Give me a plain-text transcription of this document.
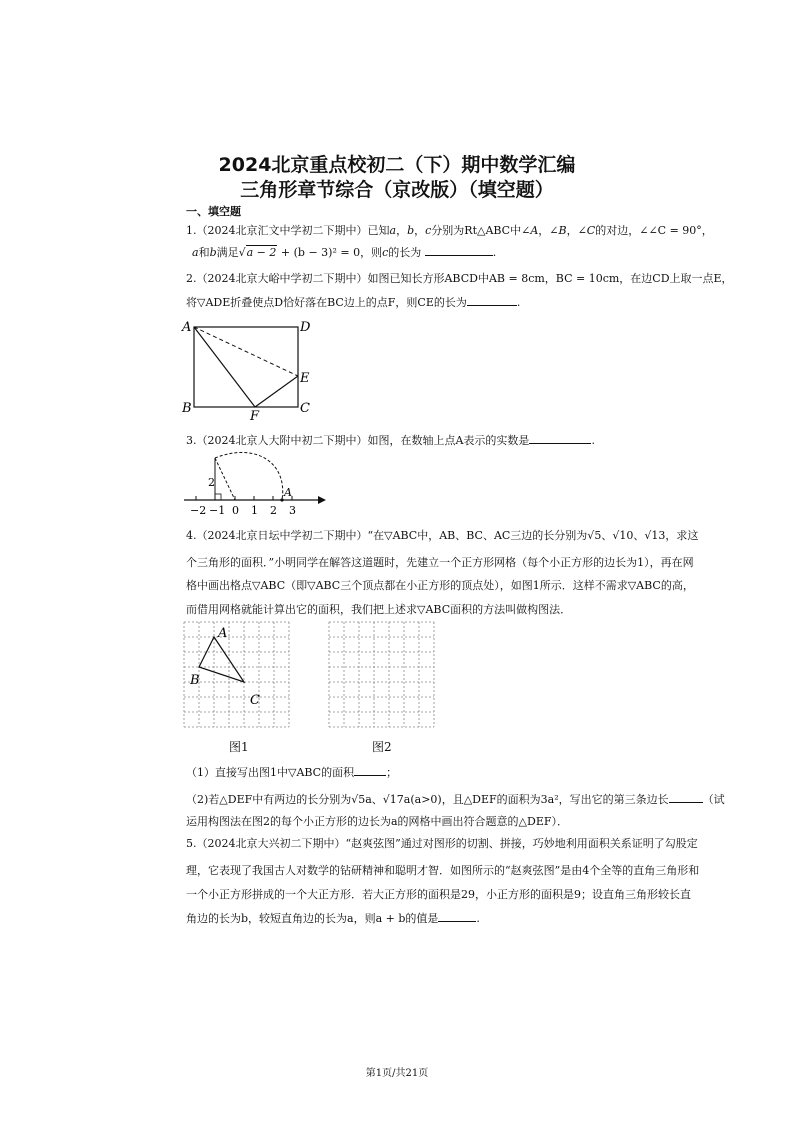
2024北京重点校初二（下）期中数学汇编
三角形章节综合（京改版）（填空题）
一、填空题
1.（2024北京汇文中学初二下期中）已知a，b，c分别为Rt△ABC中∠A，∠B，∠C的对边，∠∠C = 90°，
a和b满足√a − 2 + (b − 3)² = 0，则c的长为	.
2.（2024北京大峪中学初二下期中）如图已知长方形ABCD中AB = 8cm，BC = 10cm，在边CD上取一点E，
将▽ADE折叠使点D恰好落在BC边上的点F，则CE的长为	.
A	D
E
B
F
C
3.（2024北京人大附中初二下期中）如图，在数轴上点A表示的实数是	.
2
A
−2 −1 0 1 2 3
4.（2024北京日坛中学初二下期中）“在▽ABC中，AB、BC、AC三边的长分别为√5、√10、√13，求这
个三角形的面积．”小明同学在解答这道题时，先建立一个正方形网格（每个小正方形的边长为1），再在网
格中画出格点▽ABC（即▽ABC三个顶点都在小正方形的顶点处），如图1所示．这样不需求▽ABC的高，
而借用网格就能计算出它的面积，我们把上述求▽ABC面积的方法叫做构图法．
A
B
C
图1	图2
（1）直接写出图1中▽ABC的面积	；
（2)若△DEF中有两边的长分别为√5a、√17a(a>0)，且△DEF的面积为3a²，写出它的第三条边长	（试
运用构图法在图2的每个小正方形的边长为a的网格中画出符合题意的△DEF）．
5.（2024北京大兴初二下期中）“赵爽弦图”通过对图形的切割、拼接，巧妙地利用面积关系证明了勾股定
理，它表现了我国古人对数学的钻研精神和聪明才智．如图所示的“赵爽弦图”是由4个全等的直角三角形和
一个小正方形拼成的一个大正方形．若大正方形的面积是29，小正方形的面积是9；设直角三角形较长直
角边的长为b，较短直角边的长为a，则a + b的值是	.
第1页/共21页
